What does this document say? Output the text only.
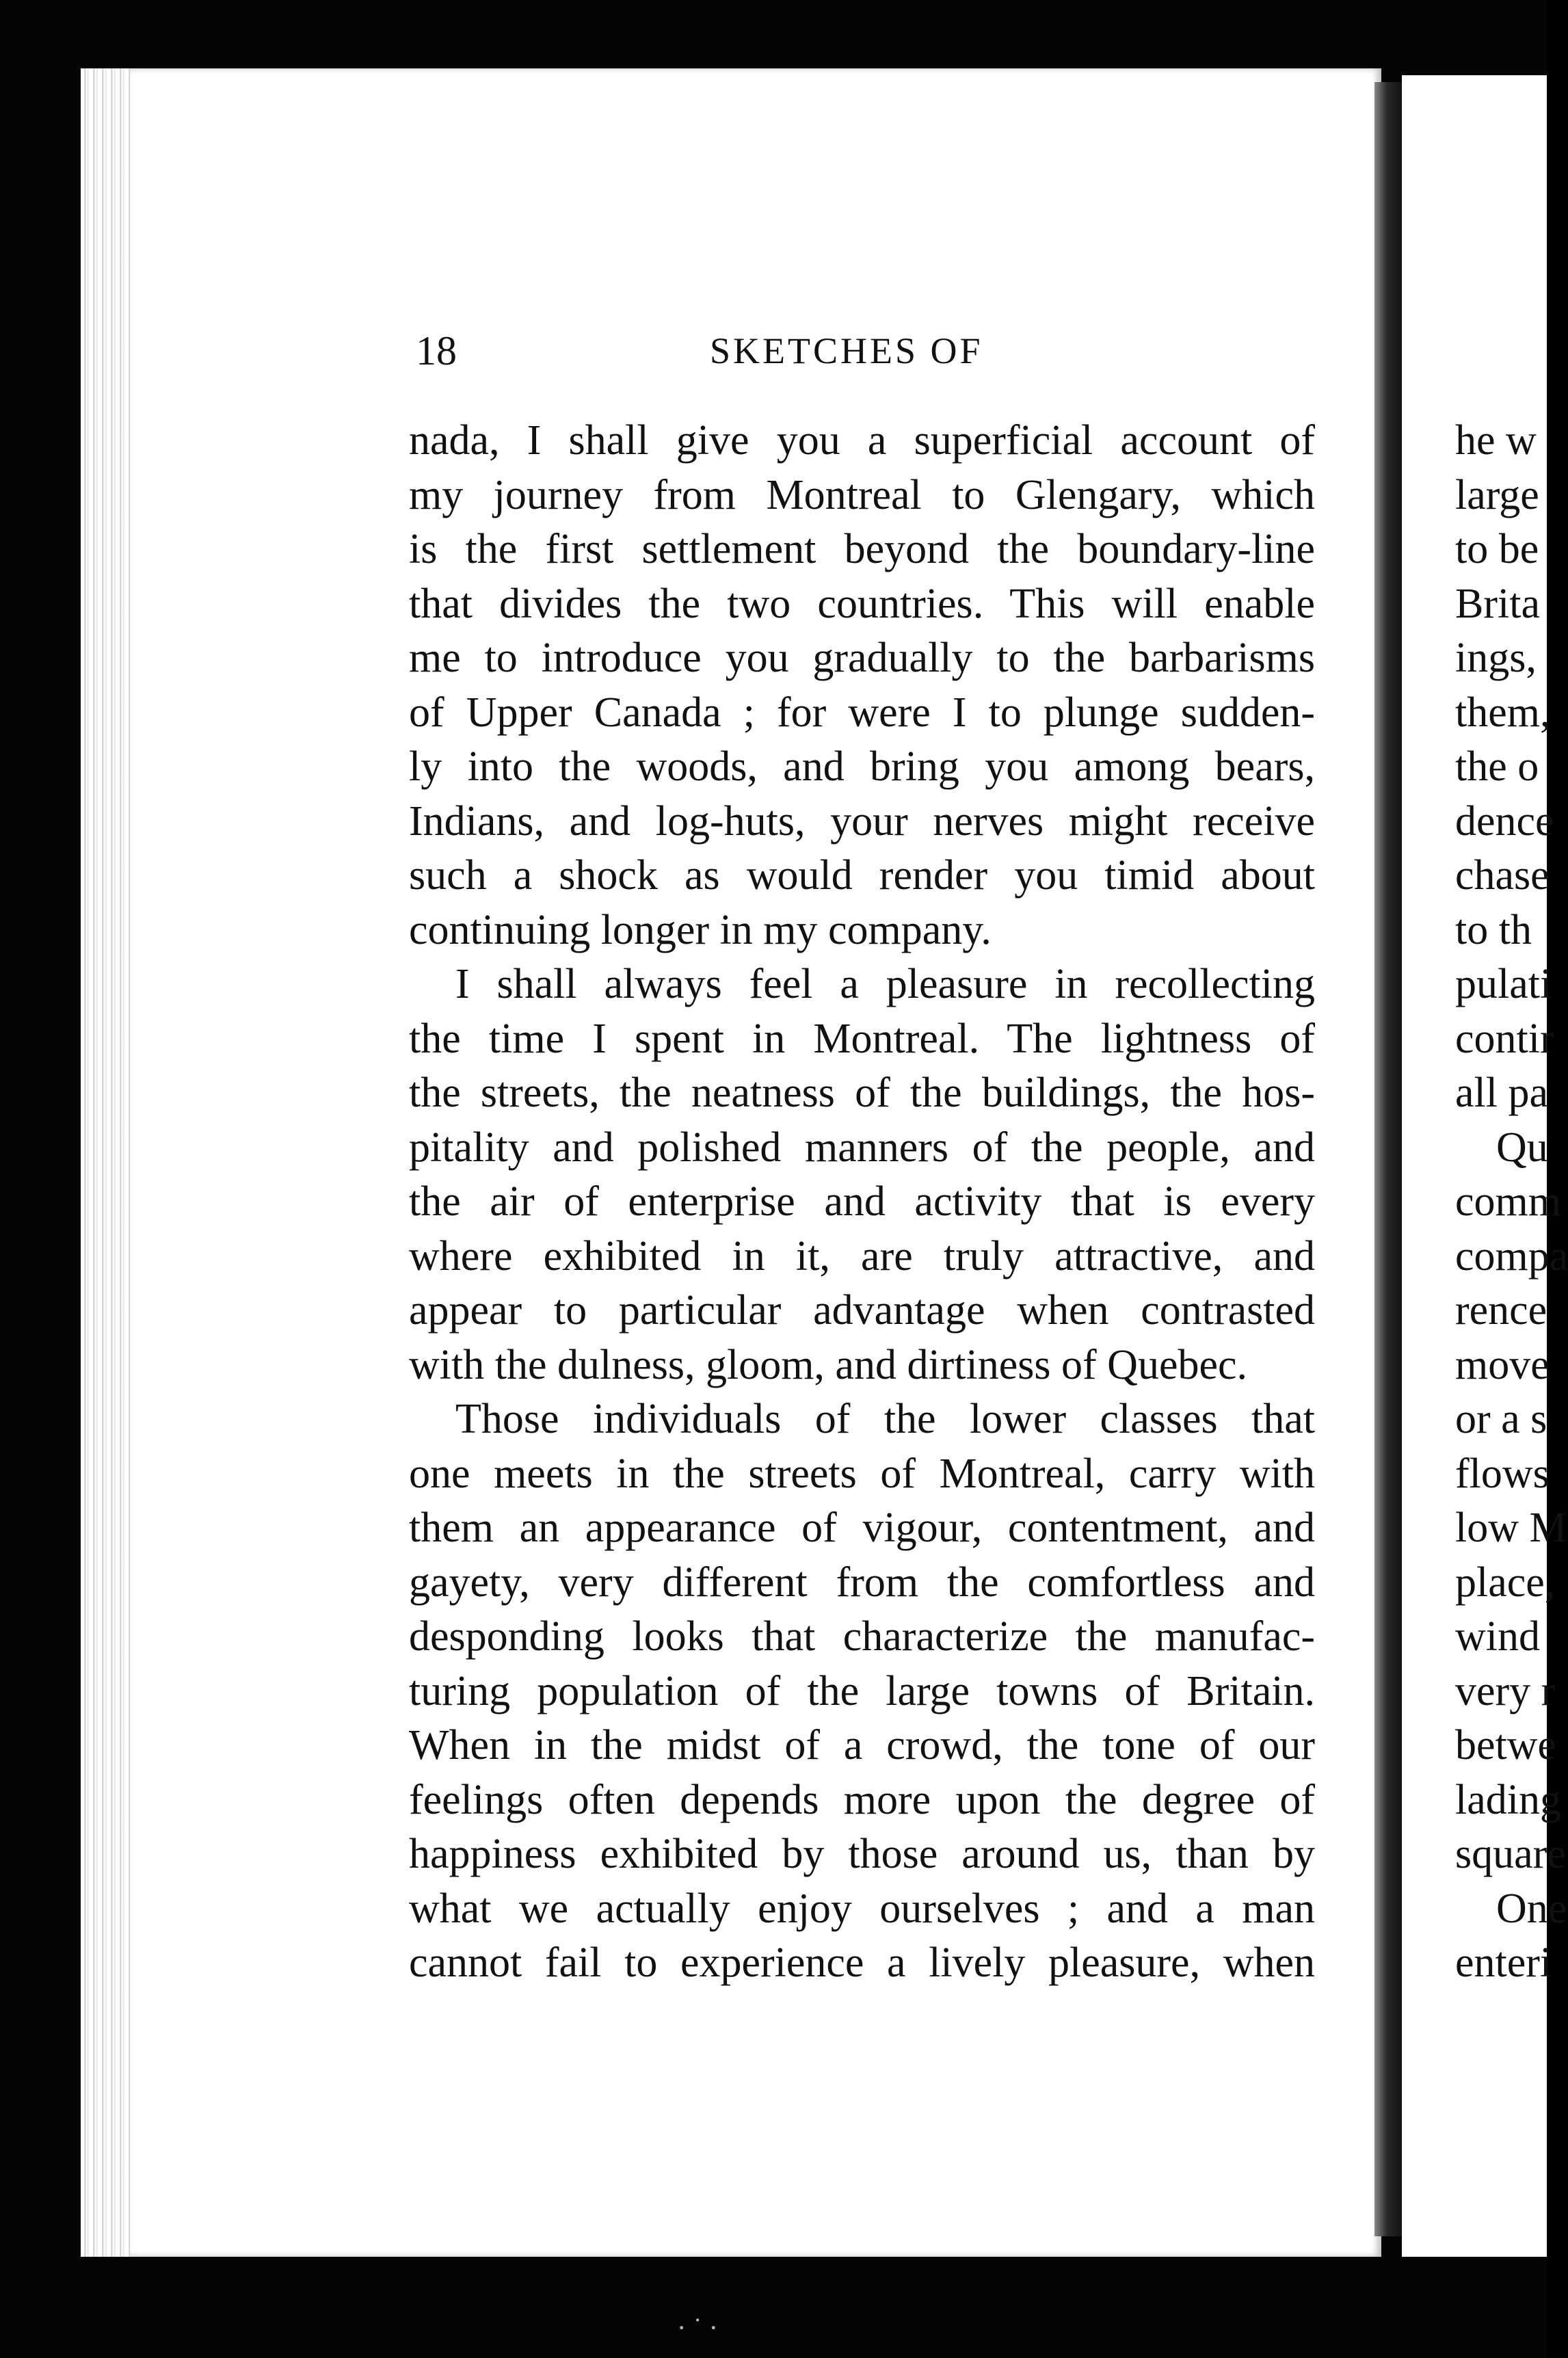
he w
large
to be
Brita
ings,
them,
the o
dence
chase
to th
pulati
contir
all pa
Qu
comm
compa
rence
move
or a s
flows
low M
place,
wind
very r
betwe
lading
square
One
enteri
18	SKETCHES OF
nada, I shall give you a superficial account of
my journey from Montreal to Glengary, which
is the first settlement beyond the boundary-line
that divides the two countries. This will enable
me to introduce you gradually to the barbarisms
of Upper Canada ; for were I to plunge sudden-
ly into the woods, and bring you among bears,
Indians, and log-huts, your nerves might receive
such a shock as would render you timid about
continuing longer in my company.
I shall always feel a pleasure in recollecting
the time I spent in Montreal. The lightness of
the streets, the neatness of the buildings, the hos-
pitality and polished manners of the people, and
the air of enterprise and activity that is every
where exhibited in it, are truly attractive, and
appear to particular advantage when contrasted
with the dulness, gloom, and dirtiness of Quebec.
Those individuals of the lower classes that
one meets in the streets of Montreal, carry with
them an appearance of vigour, contentment, and
gayety, very different from the comfortless and
desponding looks that characterize the manufac-
turing population of the large towns of Britain.
When in the midst of a crowd, the tone of our
feelings often depends more upon the degree of
happiness exhibited by those around us, than by
what we actually enjoy ourselves ; and a man
cannot fail to experience a lively pleasure, when
· ˙ ·
